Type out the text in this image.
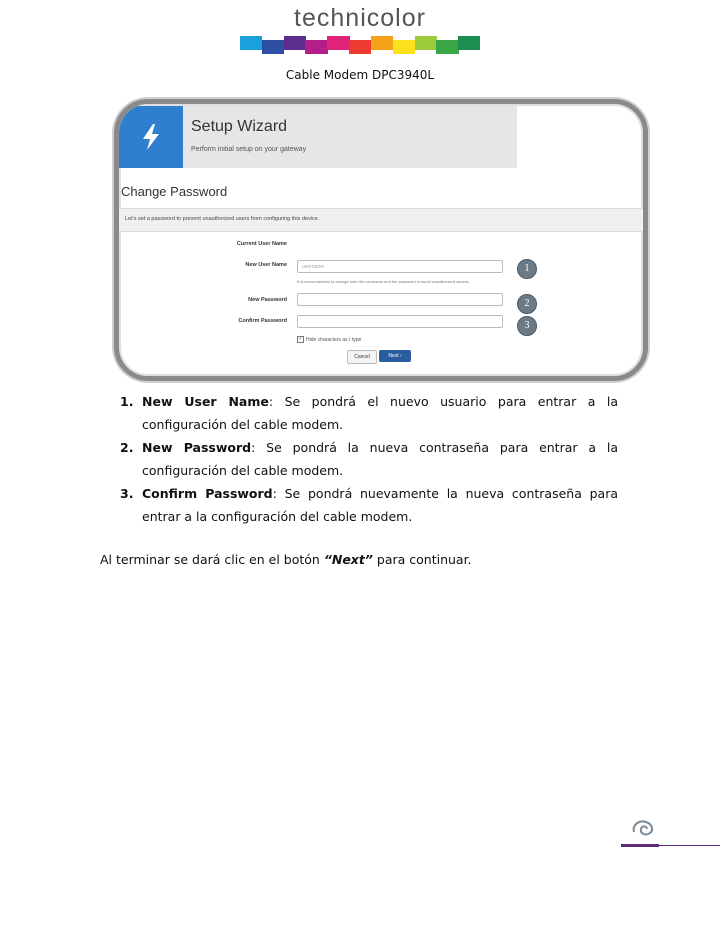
technicolor
Cable Modem DPC3940L
Setup Wizard
Perform initial setup on your gateway
Change Password
Let's set a password to prevent unauthorized users from configuring this device.
Current User Name
New User Name	username
It is recommended to change both the username and the password to avoid unauthorized access.
1
New Password	2
Confirm Password	3
✓ Hide characters as I type
Cancel	Next ›
1. New User Name: Se pondrá el nuevo usuario para entrar a la configuración del cable modem.
2. New Password: Se pondrá la nueva contraseña para entrar a la configuración del cable modem.
3. Confirm Password: Se pondrá nuevamente la nueva contraseña para entrar a la configuración del cable modem.
Al terminar se dará clic en el botón “Next” para continuar.
